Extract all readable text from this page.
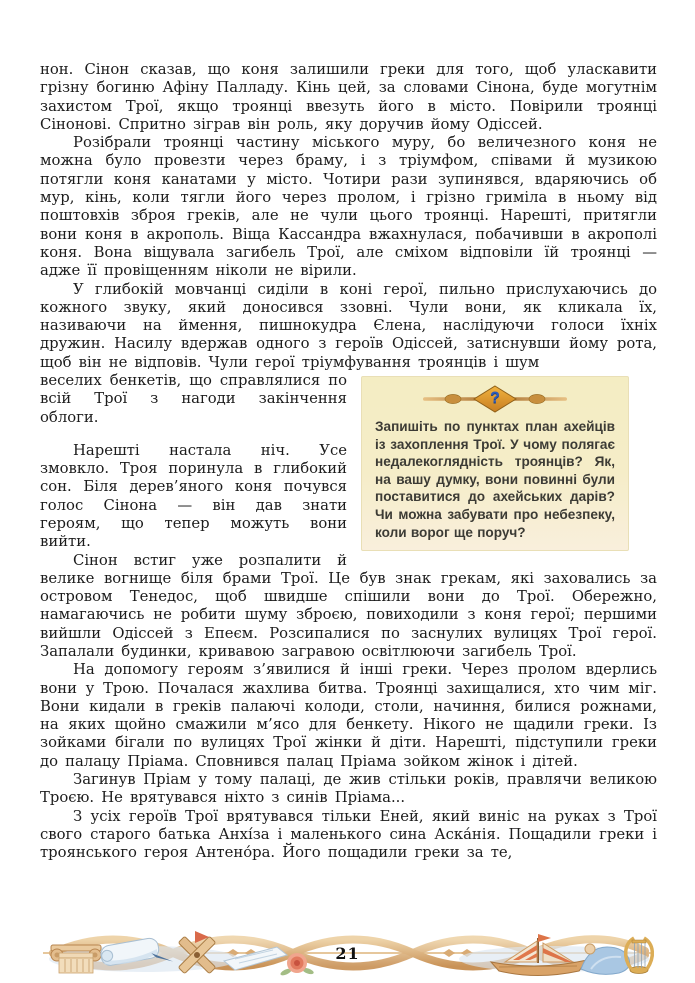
нон. Сінон сказав, що коня залишили греки для того, щоб уласкавити грізну богиню Афіну Палладу. Кінь цей, за словами Сінона, буде могутнім захистом Трої, якщо троянці ввезуть його в місто. Повірили троянці Сінонові. Спритно зіграв він роль, яку доручив йому Одіссей.

Розібрали троянці частину міського муру, бо величезного коня не можна було провезти через браму, і з тріумфом, співами й музикою потягли коня канатами у місто. Чотири рази зупинявся, вдаряючись об мур, кінь, коли тягли його через пролом, і грізно гриміла в ньому від поштовхів зброя греків, але не чули цього троянці. Нарешті, притягли вони коня в акрополь. Віща Кассандра вжахнулася, побачивши в акрополі коня. Вона віщувала загибель Трої, але сміхом відповіли їй троянці — адже її провіщенням ніколи не вірили.

У глибокій мовчанці сиділи в коні герої, пильно прислухаючись до кожного звуку, який доносився ззовні. Чули вони, як кликала їх, називаючи на ймення, пишнокудра Єлена, наслідуючи голоси їхніх дружин. Насилу вдержав одного з героїв Одіссей, затиснувши йому рота, щоб він не відповів. Чули герої тріумфування троянців і шум

?
Запишіть по пунктах план ахейців із захоплення Трої. У чому полягає недалекоглядність троянців? Як, на вашу думку, вони повинні були поставитися до ахейських дарів? Чи можна забувати про небезпеку, коли ворог ще поруч?
веселих бенкетів, що справлялися по всій Трої з нагоди закінчення облоги.

Нарешті настала ніч. Усе змовкло. Троя поринула в глибокий сон. Біля дерев’яного коня почувся голос Сінона — він дав знати героям, що тепер можуть вони вийти.

Сінон встиг уже розпалити й велике вогнище біля брами Трої. Це був знак грекам, які заховались за островом Тенедос, щоб швидше спішили вони до Трої. Обережно, намагаючись не робити шуму зброєю, повиходили з коня герої; першими вийшли Одіссей з Епеєм. Розсипалися по заснулих вулицях Трої герої. Запалали будинки, кривавою загравою освітлюючи загибель Трої.

На допомогу героям з’явилися й інші греки. Через пролом вдерлись вони у Трою. Почалася жахлива битва. Троянці захищалися, хто чим міг. Вони кидали в греків палаючі колоди, столи, начиння, билися рожнами, на яких щойно смажили м’ясо для бенкету. Нікого не щадили греки. Із зойками бігали по вулицях Трої жінки й діти. Нарешті, підступили греки до палацу Пріама. Сповнився палац Пріама зойком жінок і дітей.

Загинув Пріам у тому палаці, де жив стільки років, правлячи великою Троєю. Не врятувався ніхто з синів Пріама...

З усіх героїв Трої врятувався тільки Еней, який виніс на руках з Трої свого старого батька Анхі́за і маленького сина Аска́нія. Пощадили греки і троянського героя Антено́ра. Його пощадили греки за те,

21
